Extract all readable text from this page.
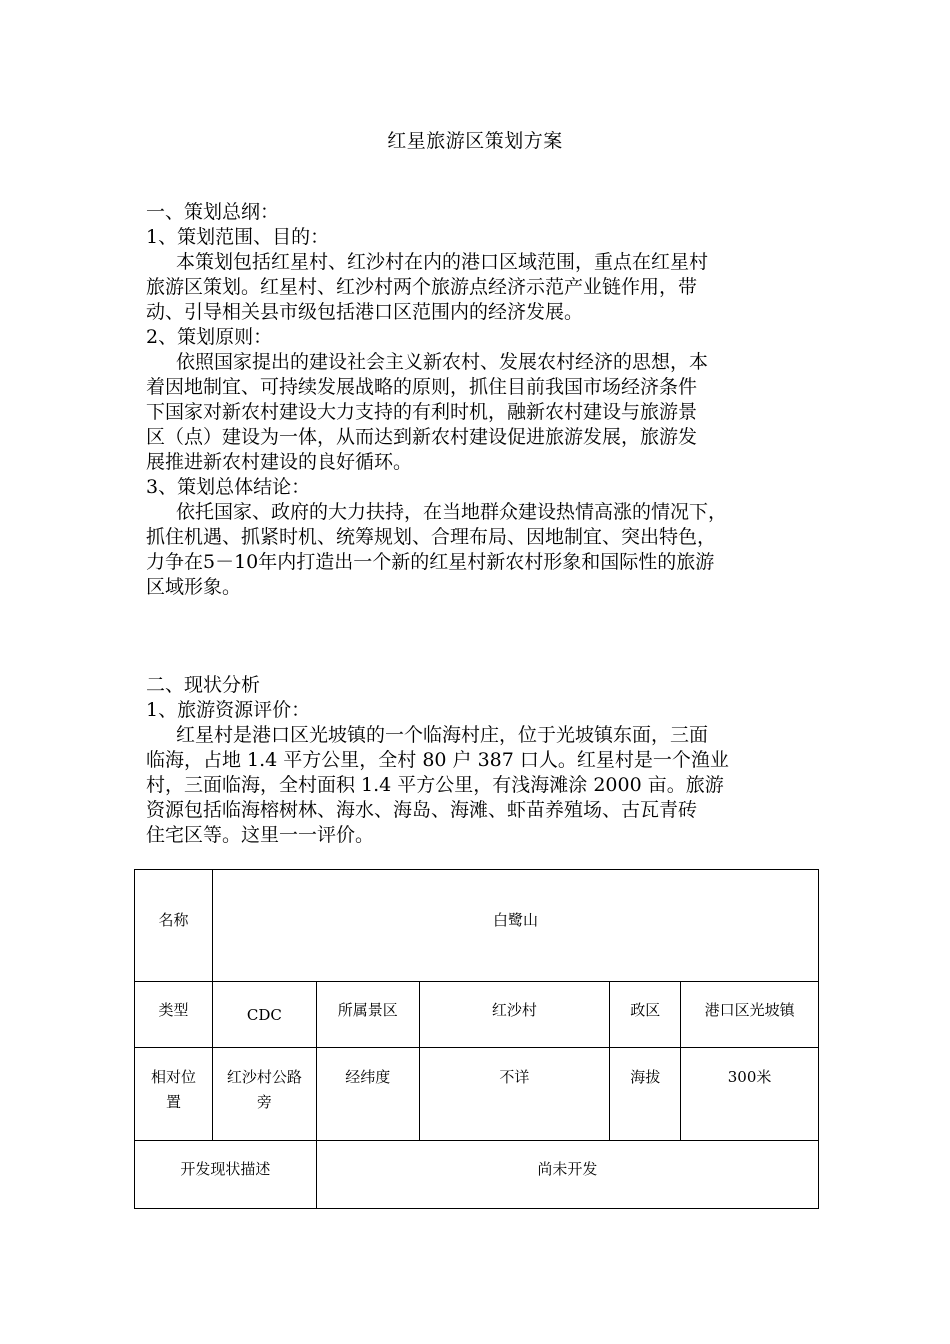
红星旅游区策划方案
一、策划总纲：
1、策划范围、目的：
本策划包括红星村、红沙村在内的港口区域范围，重点在红星村
旅游区策划。红星村、红沙村两个旅游点经济示范产业链作用，带
动、引导相关县市级包括港口区范围内的经济发展。
2、策划原则：
依照国家提出的建设社会主义新农村、发展农村经济的思想，本
着因地制宜、可持续发展战略的原则，抓住目前我国市场经济条件
下国家对新农村建设大力支持的有利时机，融新农村建设与旅游景
区（点）建设为一体，从而达到新农村建设促进旅游发展，旅游发
展推进新农村建设的良好循环。
3、策划总体结论：
依托国家、政府的大力扶持，在当地群众建设热情高涨的情况下，
抓住机遇、抓紧时机、统筹规划、合理布局、因地制宜、突出特色，
力争在5－10年内打造出一个新的红星村新农村形象和国际性的旅游
区域形象。
二、现状分析
1、旅游资源评价：
红星村是港口区光坡镇的一个临海村庄，位于光坡镇东面，三面
临海，占地 1.4 平方公里，全村 80 户 387 口人。红星村是一个渔业
村，三面临海，全村面积 1.4 平方公里，有浅海滩涂 2000 亩。旅游
资源包括临海榕树林、海水、海岛、海滩、虾苗养殖场、古瓦青砖
住宅区等。这里一一评价。
名称	白鹭山				
类型	CDC	所属景区	红沙村	政区	港口区光坡镇
相对位置	红沙村公路旁	经纬度	不详	海拔	300米
开发现状描述		尚未开发			
